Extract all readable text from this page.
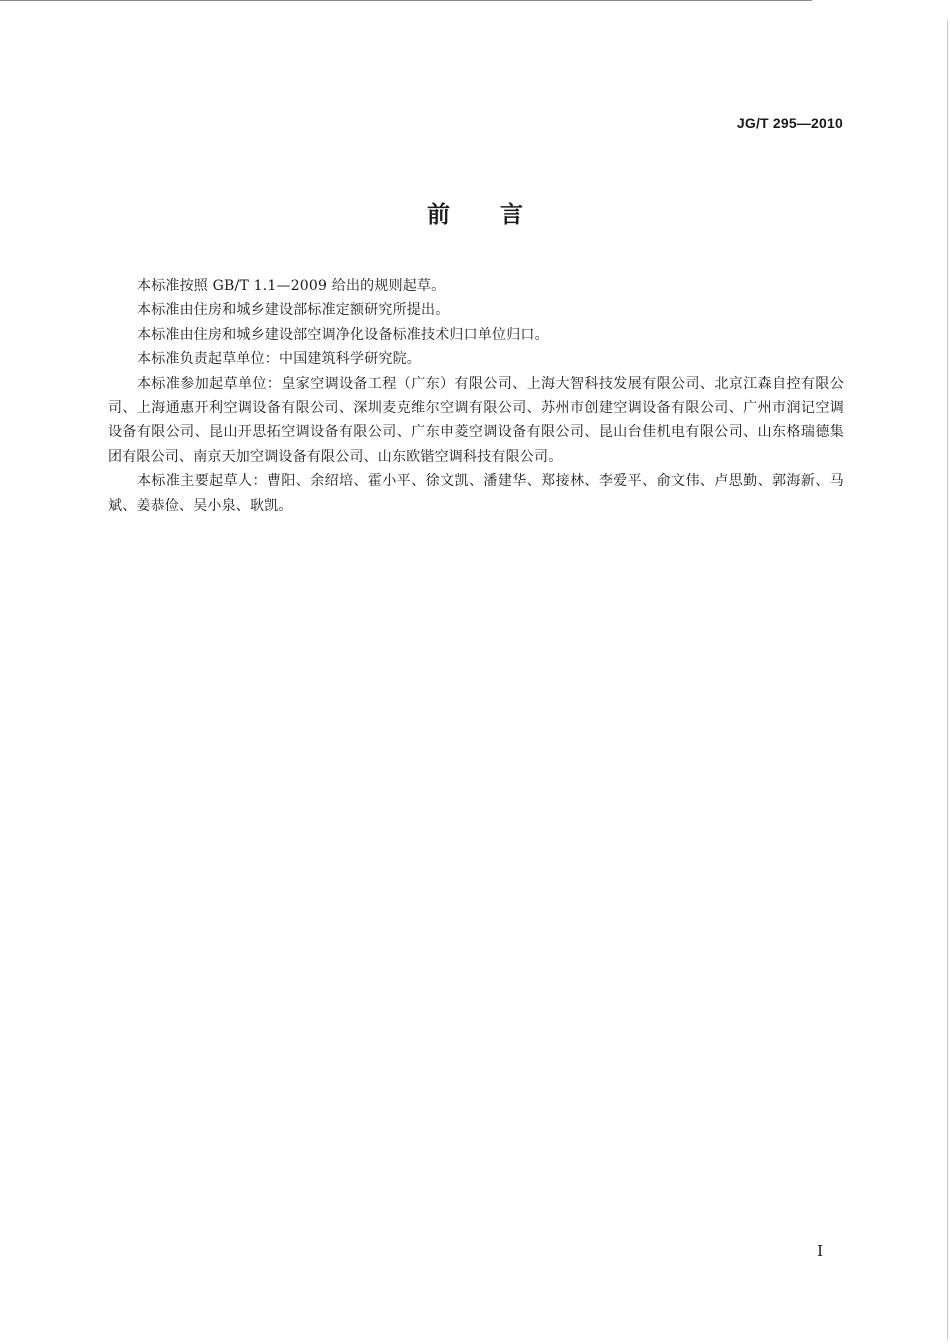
JG/T 295—2010
前言

本标准按照 GB/T 1.1—2009 给出的规则起草。

本标准由住房和城乡建设部标准定额研究所提出。

本标准由住房和城乡建设部空调净化设备标准技术归口单位归口。

本标准负责起草单位：中国建筑科学研究院。

本标准参加起草单位：皇家空调设备工程（广东）有限公司、上海大智科技发展有限公司、北京江森自控有限公司、上海通惠开利空调设备有限公司、深圳麦克维尔空调有限公司、苏州市创建空调设备有限公司、广州市润记空调设备有限公司、昆山开思拓空调设备有限公司、广东申菱空调设备有限公司、昆山台佳机电有限公司、山东格瑞德集团有限公司、南京天加空调设备有限公司、山东欧锴空调科技有限公司。

本标准主要起草人：曹阳、余绍培、霍小平、徐文凯、潘建华、郑接林、李爱平、俞文伟、卢思勤、郭海新、马斌、姜恭俭、吴小泉、耿凯。

I
